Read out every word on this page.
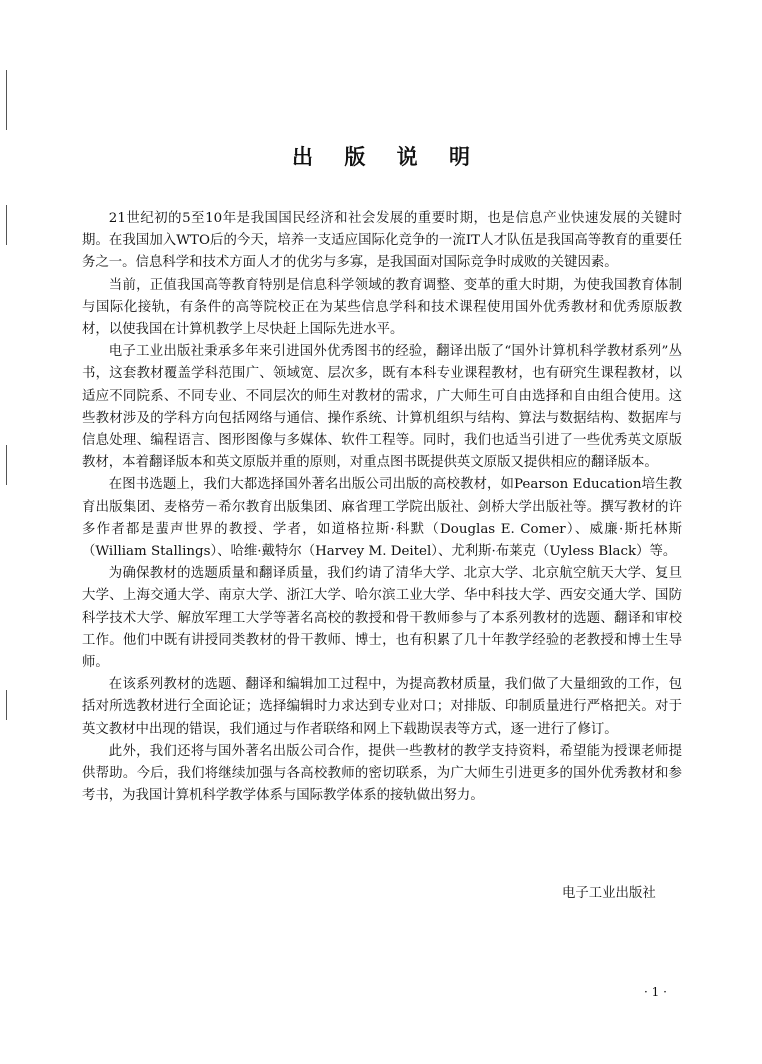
出 版 说 明

21世纪初的5至10年是我国国民经济和社会发展的重要时期，也是信息产业快速发展的关键时期。在我国加入WTO后的今天，培养一支适应国际化竞争的一流IT人才队伍是我国高等教育的重要任务之一。信息科学和技术方面人才的优劣与多寡，是我国面对国际竞争时成败的关键因素。

当前，正值我国高等教育特别是信息科学领域的教育调整、变革的重大时期，为使我国教育体制与国际化接轨，有条件的高等院校正在为某些信息学科和技术课程使用国外优秀教材和优秀原版教材，以使我国在计算机教学上尽快赶上国际先进水平。

电子工业出版社秉承多年来引进国外优秀图书的经验，翻译出版了“国外计算机科学教材系列”丛书，这套教材覆盖学科范围广、领域宽、层次多，既有本科专业课程教材，也有研究生课程教材，以适应不同院系、不同专业、不同层次的师生对教材的需求，广大师生可自由选择和自由组合使用。这些教材涉及的学科方向包括网络与通信、操作系统、计算机组织与结构、算法与数据结构、数据库与信息处理、编程语言、图形图像与多媒体、软件工程等。同时，我们也适当引进了一些优秀英文原版教材，本着翻译版本和英文原版并重的原则，对重点图书既提供英文原版又提供相应的翻译版本。

在图书选题上，我们大都选择国外著名出版公司出版的高校教材，如Pearson Education培生教育出版集团、麦格劳－希尔教育出版集团、麻省理工学院出版社、剑桥大学出版社等。撰写教材的许多作者都是蜚声世界的教授、学者，如道格拉斯·科默（Douglas E. Comer）、威廉·斯托林斯（William Stallings）、哈维·戴特尔（Harvey M. Deitel）、尤利斯·布莱克（Uyless Black）等。

为确保教材的选题质量和翻译质量，我们约请了清华大学、北京大学、北京航空航天大学、复旦大学、上海交通大学、南京大学、浙江大学、哈尔滨工业大学、华中科技大学、西安交通大学、国防科学技术大学、解放军理工大学等著名高校的教授和骨干教师参与了本系列教材的选题、翻译和审校工作。他们中既有讲授同类教材的骨干教师、博士，也有积累了几十年教学经验的老教授和博士生导师。

在该系列教材的选题、翻译和编辑加工过程中，为提高教材质量，我们做了大量细致的工作，包括对所选教材进行全面论证；选择编辑时力求达到专业对口；对排版、印制质量进行严格把关。对于英文教材中出现的错误，我们通过与作者联络和网上下载勘误表等方式，逐一进行了修订。

此外，我们还将与国外著名出版公司合作，提供一些教材的教学支持资料，希望能为授课老师提供帮助。今后，我们将继续加强与各高校教师的密切联系，为广大师生引进更多的国外优秀教材和参考书，为我国计算机科学教学体系与国际教学体系的接轨做出努力。

电子工业出版社
· 1 ·
